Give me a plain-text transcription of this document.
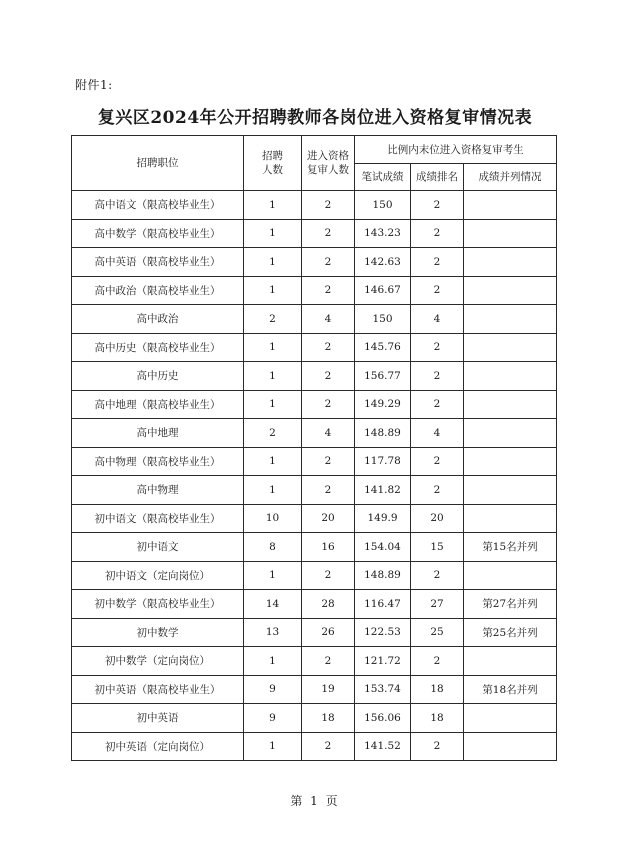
附件1:
复兴区2024年公开招聘教师各岗位进入资格复审情况表
招聘职位	招聘人数	进入资格复审人数	比例内末位进入资格复审考生		
			笔试成绩	成绩排名	成绩并列情况
高中语文（限高校毕业生）	1	2	150	2	
高中数学（限高校毕业生）	1	2	143.23	2	
高中英语（限高校毕业生）	1	2	142.63	2	
高中政治（限高校毕业生）	1	2	146.67	2	
高中政治	2	4	150	4	
高中历史（限高校毕业生）	1	2	145.76	2	
高中历史	1	2	156.77	2	
高中地理（限高校毕业生）	1	2	149.29	2	
高中地理	2	4	148.89	4	
高中物理（限高校毕业生）	1	2	117.78	2	
高中物理	1	2	141.82	2	
初中语文（限高校毕业生）	10	20	149.9	20	
初中语文	8	16	154.04	15	第15名并列
初中语文（定向岗位）	1	2	148.89	2	
初中数学（限高校毕业生）	14	28	116.47	27	第27名并列
初中数学	13	26	122.53	25	第25名并列
初中数学（定向岗位）	1	2	121.72	2	
初中英语（限高校毕业生）	9	19	153.74	18	第18名并列
初中英语	9	18	156.06	18	
初中英语（定向岗位）	1	2	141.52	2	
第 1 页
